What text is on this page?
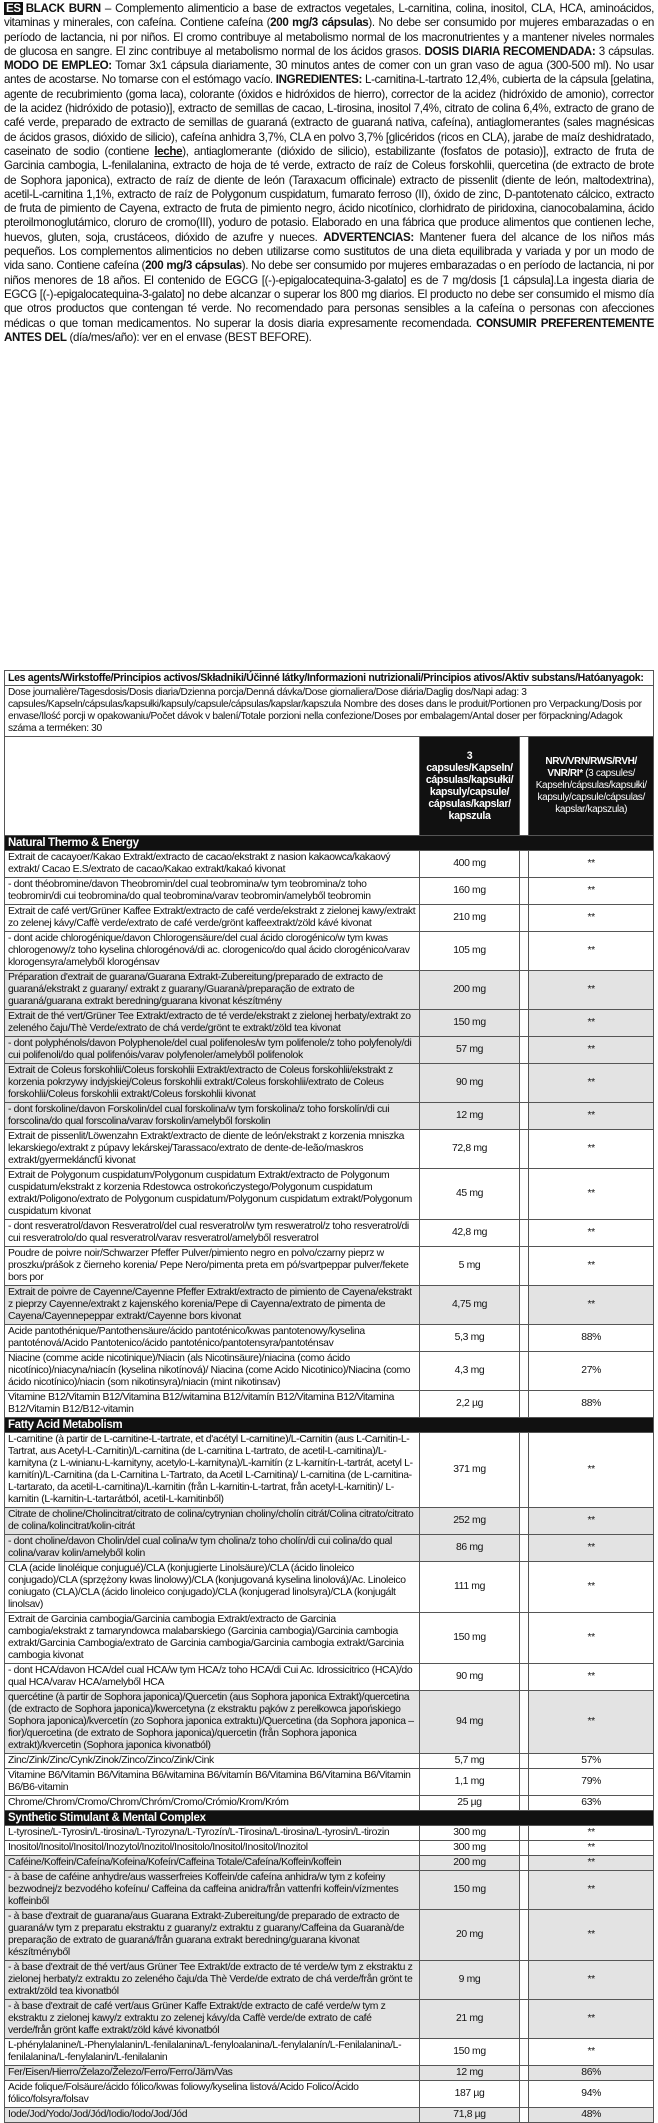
ES BLACK BURN – Complemento alimenticio a base de extractos vegetales, L-carnitina, colina, inositol, CLA, HCA, aminoácidos, vitaminas y minerales, con cafeína. Contiene cafeína (200 mg/3 cápsulas). No debe ser consumido por mujeres embarazadas o en período de lactancia, ni por niños. El cromo contribuye al metabolismo normal de los macronutrientes y a mantener niveles normales de glucosa en sangre. El zinc contribuye al metabolismo normal de los ácidos grasos. DOSIS DIARIA RECOMENDADA: 3 cápsulas. MODO DE EMPLEO: Tomar 3x1 cápsula diariamente, 30 minutos antes de comer con un gran vaso de agua (300-500 ml). No usar antes de acostarse. No tomarse con el estómago vacío. INGREDIENTES: L-carnitina-L-tartrato 12,4%, cubierta de la cápsula [gelatina, agente de recubrimiento (goma laca), colorante (óxidos e hidróxidos de hierro), corrector de la acidez (hidróxido de amonio), corrector de la acidez (hidróxido de potasio)], extracto de semillas de cacao, L-tirosina, inositol 7,4%, citrato de colina 6,4%, extracto de grano de café verde, preparado de extracto de semillas de guaraná (extracto de guaraná nativa, cafeína), antiaglomerantes (sales magnésicas de ácidos grasos, dióxido de silicio), cafeína anhidra 3,7%, CLA en polvo 3,7% [glicéridos (ricos en CLA), jarabe de maíz deshidratado, caseinato de sodio (contiene leche), antiaglomerante (dióxido de silicio), estabilizante (fosfatos de potasio)], extracto de fruta de Garcinia cambogia, L-fenilalanina, extracto de hoja de té verde, extracto de raíz de Coleus forskohlii, quercetina (de extracto de brote de Sophora japonica), extracto de raíz de diente de león (Taraxacum officinale) extracto de pissenlit (diente de león, maltodextrina), acetil-L-carnitina 1,1%, extracto de raíz de Polygonum cuspidatum, fumarato ferroso (II), óxido de zinc, D-pantotenato cálcico, extracto de fruta de pimiento de Cayena, extracto de fruta de pimiento negro, ácido nicotínico, clorhidrato de piridoxina, cianocobalamina, ácido pteroilmonoglutámico, cloruro de cromo(III), yoduro de potasio. Elaborado en una fábrica que produce alimentos que contienen leche, huevos, gluten, soja, crustáceos, dióxido de azufre y nueces. ADVERTENCIAS: Mantener fuera del alcance de los niños más pequeños. Los complementos alimenticios no deben utilizarse como sustitutos de una dieta equilibrada y variada y por un modo de vida sano. Contiene cafeína (200 mg/3 cápsulas). No debe ser consumido por mujeres embarazadas o en período de lactancia, ni por niños menores de 18 años. El contenido de EGCG [(-)-epigalocatequina-3-galato] es de 7 mg/dosis [1 cápsula].La ingesta diaria de EGCG [(-)-epigalocatequina-3-galato] no debe alcanzar o superar los 800 mg diarios. El producto no debe ser consumido el mismo día que otros productos que contengan té verde. No recomendado para personas sensibles a la cafeína o personas con afecciones médicas o que toman medicamentos. No superar la dosis diaria expresamente recomendada. CONSUMIR PREFERENTEMENTE ANTES DEL (día/mes/año): ver en el envase (BEST BEFORE).
Les agents/Wirkstoffe/Principios activos/Składniki/Účinné látky/Informazioni nutrizionali/Principios ativos/Aktiv substans/Hatóanyagok:			
Dose journalière/Tagesdosis/Dosis diaria/Dzienna porcja/Denná dávka/Dose giornaliera/Dose diária/Daglig dos/Napi adag: 3 capsules/Kapseln/cápsulas/kapsułki/kapsuly/capsule/cápsulas/kapslar/kapszula Nombre des doses dans le produit/Portionen pro Verpackung/Dosis por envase/Ilość porcji w opakowaniu/Počet dávok v balení/Totale porzioni nella confezione/Doses por embalagem/Antal doser per förpackning/Adagok száma a terméken: 30			
	3 capsules/Kapseln/ cápsulas/kapsułki/ kapsuly/capsule/ cápsulas/kapslar/ kapszula		NRV/VRN/RWS/RVH/ VNR/RI* (3 capsules/ Kapseln/cápsulas/kapsułki/ kapsuly/capsule/cápsulas/ kapslar/kapszula)
Natural Thermo & Energy			
Extrait de cacayoer/Kakao Extrakt/extracto de cacao/ekstrakt z nasion kakaowca/kakaový extrakt/ Cacao E.S/extrato de cacao/Kakao extrakt/kakaó kivonat	400 mg		**
- dont théobromine/davon Theobromin/del cual teobromina/w tym teobromina/z toho teobromin/di cui teobromina/do qual teobromina/varav teobromin/amelyből teobromin	160 mg		**
Extrait de café vert/Grüner Kaffee Extrakt/extracto de café verde/ekstrakt z zielonej kawy/extrakt zo zelenej kávy/Caffè verde/extrato de café verde/grönt kaffeextrakt/zöld kávé kivonat	210 mg		**
- dont acide chlorogénique/davon Chlorogensäure/del cual ácido clorogénico/w tym kwas chlorogenowy/z toho kyselina chlorogénová/di ac. clorogenico/do qual ácido clorogénico/varav klorogensyra/amelyből klorogénsav	105 mg		**
Préparation d'extrait de guarana/Guarana Extrakt-Zubereitung/preparado de extracto de guaraná/ekstrakt z guarany/ extrakt z guarany/Guaranà/preparação de extrato de guaraná/guarana extrakt beredning/guarana kivonat készítmény	200 mg		**
Extrait de thé vert/Grüner Tee Extrakt/extracto de té verde/ekstrakt z zielonej herbaty/extrakt zo zeleného čaju/Thè Verde/extrato de chá verde/grönt te extrakt/zöld tea kivonat	150 mg		**
- dont polyphénols/davon Polyphenole/del cual polifenoles/w tym polifenole/z toho polyfenoly/di cui polifenoli/do qual polifenóis/varav polyfenoler/amelyből polifenolok	57 mg		**
Extrait de Coleus forskohlii/Coleus forskohlii Extrakt/extracto de Coleus forskohlii/ekstrakt z korzenia pokrzywy indyjskiej/Coleus forskohlii extrakt/Coleus forskohlii/extrato de Coleus forskohlii/Coleus forskohlii extrakt/Coleus forskohlii kivonat	90 mg		**
- dont forskoline/davon Forskolin/del cual forskolina/w tym forskolina/z toho forskolín/di cui forscolina/do qual forscolina/varav forskolin/amelyből forskolin	12 mg		**
Extrait de pissenlit/Löwenzahn Extrakt/extracto de diente de león/ekstrakt z korzenia mniszka lekarskiego/extrakt z púpavy lekárskej/Tarassaco/extrato de dente-de-leão/maskros extrakt/gyermekláncfű kivonat	72,8 mg		**
Extrait de Polygonum cuspidatum/Polygonum cuspidatum Extrakt/extracto de Polygonum cuspidatum/ekstrakt z korzenia Rdestowca ostrokończystego/Polygonum cuspidatum extrakt/Poligono/extrato de Polygonum cuspidatum/Polygonum cuspidatum extrakt/Polygonum cuspidatum kivonat	45 mg		**
- dont resveratrol/davon Resveratrol/del cual resveratrol/w tym resweratrol/z toho resveratrol/di cui resveratrolo/do qual resveratrol/varav resveratrol/amelyből resveratrol	42,8 mg		**
Poudre de poivre noir/Schwarzer Pfeffer Pulver/pimiento negro en polvo/czarny pieprz w proszku/prášok z čierneho korenia/ Pepe Nero/pimenta preta em pó/svartpeppar pulver/fekete bors por	5 mg		**
Extrait de poivre de Cayenne/Cayenne Pfeffer Extrakt/extracto de pimiento de Cayena/ekstrakt z pieprzy Cayenne/extrakt z kajenského korenia/Pepe di Cayenna/extrato de pimenta de Cayena/Cayennepeppar extrakt/Cayenne bors kivonat	4,75 mg		**
Acide pantothénique/Pantothensäure/ácido pantoténico/kwas pantotenowy/kyselina pantoténová/Acido Pantotenico/ácido pantoténico/pantotensyra/pantoténsav	5,3 mg		88%
Niacine (comme acide nicotinique)/Niacin (als Nicotinsäure)/niacina (como ácido nicotínico)/niacyna/niacín (kyselina nikotínová)/ Niacina (come Acido Nicotinico)/Niacina (como ácido nicotínico)/niacin (som nikotinsyra)/niacin (mint nikotinsav)	4,3 mg		27%
Vitamine B12/Vitamin B12/Vitamina B12/witamina B12/vitamín B12/Vitamina B12/Vitamina B12/Vitamin B12/B12-vitamin	2,2 µg		88%
Fatty Acid Metabolism			
L-carnitine (à partir de L-carnitine-L-tartrate, et d'acétyl L-carnitine)/L-Carnitin (aus L-Carnitin-L-Tartrat, aus Acetyl-L-Carnitin)/L-carnitina (de L-carnitina L-tartrato, de acetil-L-carnitina)/L-karnityna (z L-winianu-L-karnityny, acetylo-L-karnityna)/L-karnitín (z L-karnitín-L-tartrát, acetyl L-karnitín)/L-Carnitina (da L-Carnitina L-Tartrato, da Acetil L-Carnitina)/ L-carnitina (de L-carnitina-L-tartarato, da acetil-L-carnitina)/L-karnitin (från L-karnitin-L-tartrat, från acetyl-L-karnitin)/ L-karnitin (L-karnitin-L-tartarátból, acetil-L-karnitinből)	371 mg		**
Citrate de choline/Cholincitrat/citrato de colina/cytrynian choliny/cholín citrát/Colina citrato/citrato de colina/kolincitrat/kolin-citrát	252 mg		**
- dont choline/davon Cholin/del cual colina/w tym cholina/z toho cholín/di cui colina/do qual colina/varav kolin/amelyből kolin	86 mg		**
CLA (acide linoléique conjugué)/CLA (konjugierte Linolsäure)/CLA (ácido linoleico conjugado)/CLA (sprzężony kwas linolowy)/CLA (konjugovaná kyselina linolová)/Ac. Linoleico coniugato (CLA)/CLA (ácido linoleico conjugado)/CLA (konjugerad linolsyra)/CLA (konjugált linolsav)	111 mg		**
Extrait de Garcinia cambogia/Garcinia cambogia Extrakt/extracto de Garcinia cambogia/ekstrakt z tamaryndowca malabarskiego (Garcinia cambogia)/Garcinia cambogia extrakt/Garcinia Cambogia/extrato de Garcinia cambogia/Garcinia cambogia extrakt/Garcinia cambogia kivonat	150 mg		**
- dont HCA/davon HCA/del cual HCA/w tym HCA/z toho HCA/di Cui Ac. Idrossicitrico (HCA)/do qual HCA/varav HCA/amelyből HCA	90 mg		**
quercétine (à partir de Sophora japonica)/Quercetin (aus Sophora japonica Extrakt)/quercetina (de extracto de Sophora japonica)/kwercetyna (z ekstraktu pąków z perełkowca japońskiego Sophora japonica)/kvercetín (zo Sophora japonica extraktu)/Quercetina (da Sophora japonica – fior)/quercetina (de extrato de Sophora japonica)/quercetin (från Sophora japonica extrakt)/kvercetin (Sophora japonica kivonatból)	94 mg		**
Zinc/Zink/Zinc/Cynk/Zinok/Zinco/Zinco/Zink/Cink	5,7 mg		57%
Vitamine B6/Vitamin B6/Vitamina B6/witamina B6/vitamín B6/Vitamina B6/Vitamina B6/Vitamin B6/B6-vitamin	1,1 mg		79%
Chrome/Chrom/Cromo/Chrom/Chróm/Cromo/Crómio/Krom/Króm	25 µg		63%
Synthetic Stimulant & Mental Complex			
L-tyrosine/L-Tyrosin/L-tirosina/L-Tyrozyna/L-Tyrozín/L-Tirosina/L-tirosina/L-tyrosin/L-tirozin	300 mg		**
Inositol/Inositol/Inositol/Inozytol/Inozitol/Inositolo/Inositol/Inositol/Inozitol	300 mg		**
Caféine/Koffein/Cafeína/Kofeina/Kofeín/Caffeina Totale/Cafeína/Koffein/koffein	200 mg		**
- à base de caféine anhydre/aus wasserfreies Koffein/de cafeína anhidra/w tym z kofeiny bezwodnej/z bezvodého kofeínu/ Caffeina da caffeina anidra/från vattenfri koffein/vízmentes koffeinből	150 mg		**
- à base d'extrait de guarana/aus Guarana Extrakt-Zubereitung/de preparado de extracto de guaraná/w tym z preparatu ekstraktu z guarany/z extraktu z guarany/Caffeina da Guaranà/de preparação de extrato de guaraná/från guarana extrakt beredning/guarana kivonat készítményből	20 mg		**
- à base d'extrait de thé vert/aus Grüner Tee Extrakt/de extracto de té verde/w tym z ekstraktu z zielonej herbaty/z extraktu zo zeleného čaju/da Thè Verde/de extrato de chá verde/från grönt te extrakt/zöld tea kivonatból	9 mg		**
- à base d'extrait de café vert/aus Grüner Kaffe Extrakt/de extracto de café verde/w tym z ekstraktu z zielonej kawy/z extraktu zo zelenej kávy/da Caffè verde/de extrato de café verde/från grönt kaffe extrakt/zöld kávé kivonatból	21 mg		**
L-phénylalanine/L-Phenylalanin/L-fenilalanina/L-fenyloalanina/L-fenylalanín/L-Fenilalanina/L-fenilalanina/L-fenylalanin/L-fenilalanin	150 mg		**
Fer/Eisen/Hierro/Żelazo/Železo/Ferro/Ferro/Järn/Vas	12 mg		86%
Acide folique/Folsäure/ácido fólico/kwas foliowy/kyselina listová/Acido Folico/Ácido fólico/folsyra/folsav	187 µg		94%
Iode/Jod/Yodo/Jod/Jód/Iodio/Iodo/Jod/Jód	71,8 µg		48%
